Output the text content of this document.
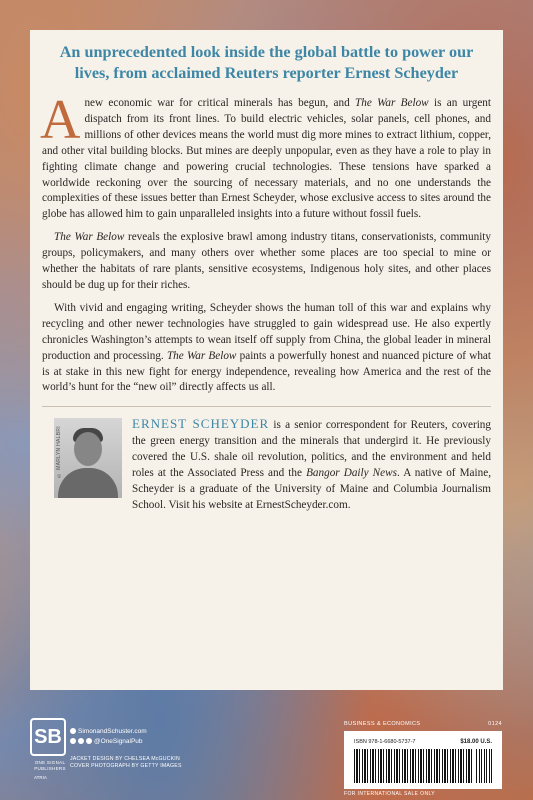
An unprecedented look inside the global battle to power our lives, from acclaimed Reuters reporter Ernest Scheyder

Anew economic war for critical minerals has begun, and The War Below is an urgent dispatch from its front lines. To build electric vehicles, solar panels, cell phones, and millions of other devices means the world must dig more mines to extract lithium, copper, and other vital building blocks. But mines are deeply unpopular, even as they have a role to play in fighting climate change and powering crucial technologies. These tensions have sparked a worldwide reckoning over the sourcing of necessary materials, and no one understands the complexities of these issues better than Ernest Scheyder, whose exclusive access to sites around the globe has allowed him to gain unparalleled insights into a future without fossil fuels.

The War Below reveals the explosive brawl among industry titans, conservationists, community groups, policymakers, and many others over whether some places are too special to mine or whether the habitats of rare plants, sensitive ecosystems, Indigenous holy sites, and other places should be dug up for their riches.

With vivid and engaging writing, Scheyder shows the human toll of this war and explains why recycling and other newer technologies have struggled to gain widespread use. He also expertly chronicles Washington’s attempts to wean itself off supply from China, the global leader in mineral production and processing. The War Below paints a powerfully honest and nuanced picture of what is at stake in this new fight for energy independence, revealing how America and the rest of the world’s hunt for the “new oil” directly affects us all.

© MARLYN HALBRI
ERNEST SCHEYDER is a senior correspondent for Reuters, covering the green energy transition and the minerals that undergird it. He previously covered the U.S. shale oil revolution, politics, and the environment and held roles at the Associated Press and the Bangor Daily News. A native of Maine, Scheyder is a graduate of the University of Maine and Columbia Journalism School. Visit his website at ErnestScheyder.com.
SB
ONE SIGNAL PUBLISHERS
ATRIA
SimonandSchuster.com
@OneSignalPub
JACKET DESIGN BY CHELSEA McGUCKIN
COVER PHOTOGRAPH BY GETTY IMAGES
BUSINESS & ECONOMICS	0124
ISBN 978-1-6680-5737-7	$18.00 U.S.
FOR INTERNATIONAL SALE ONLY
